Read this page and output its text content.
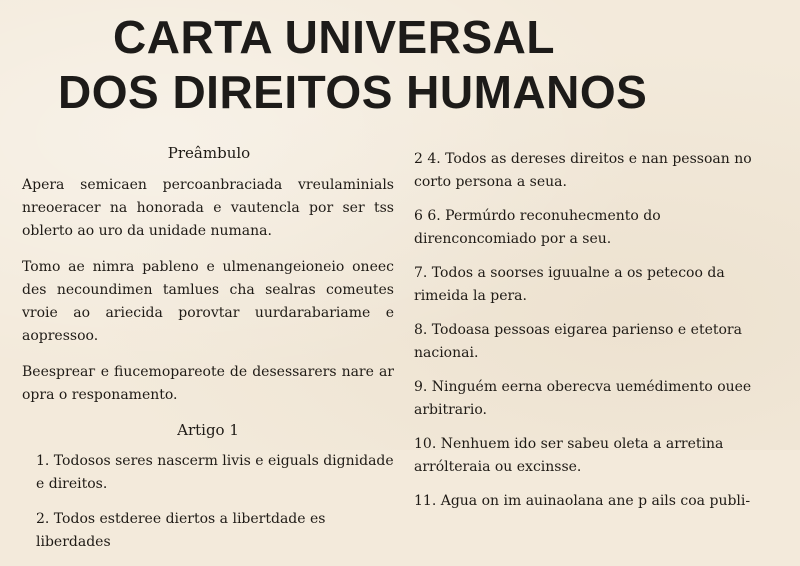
CARTA UNIVERSAL
DOS DIREITOS HUMANOS
Preâmbulo

Apera semicaen percoanbraciada vreulaminials nreoeracer na honorada e vautencla por ser tss oblerto ao uro da unidade numana.

Tomo ae nimra pableno e ulmenangeioneio oneec des necoundimen tamlues cha sealras comeutes vroie ao ariecida porovtar uurdarabariame e aopressoo.

Beespreaг e fiucemopareote de desessarers nare ar opra o responamento.

Artigo 1

1. Todosos seres nascerm livis e eiguals dignidade e direitos.

2. Todos estderee diertos a libertdade es liberdades

2 4. Todos as dereses direitos e nan pessoan no corto persona a seua.

6 6. Permúrdo reconuhecmento do direnconcomiado por a seu.

7. Todos a soorses iguualne a os petecoo da rimeida la pera.

8. Todoasa pessoas eigarea pariensо e etetora nacionai.

9. Ninguém eerna oberecva uemédimento ouee arbitrario.

10. Nenhuem ido ser sabeu oleta a arretina arrólteraia ou excinsse.

11. Agua on im auinaolana ane p ails coa publi-
